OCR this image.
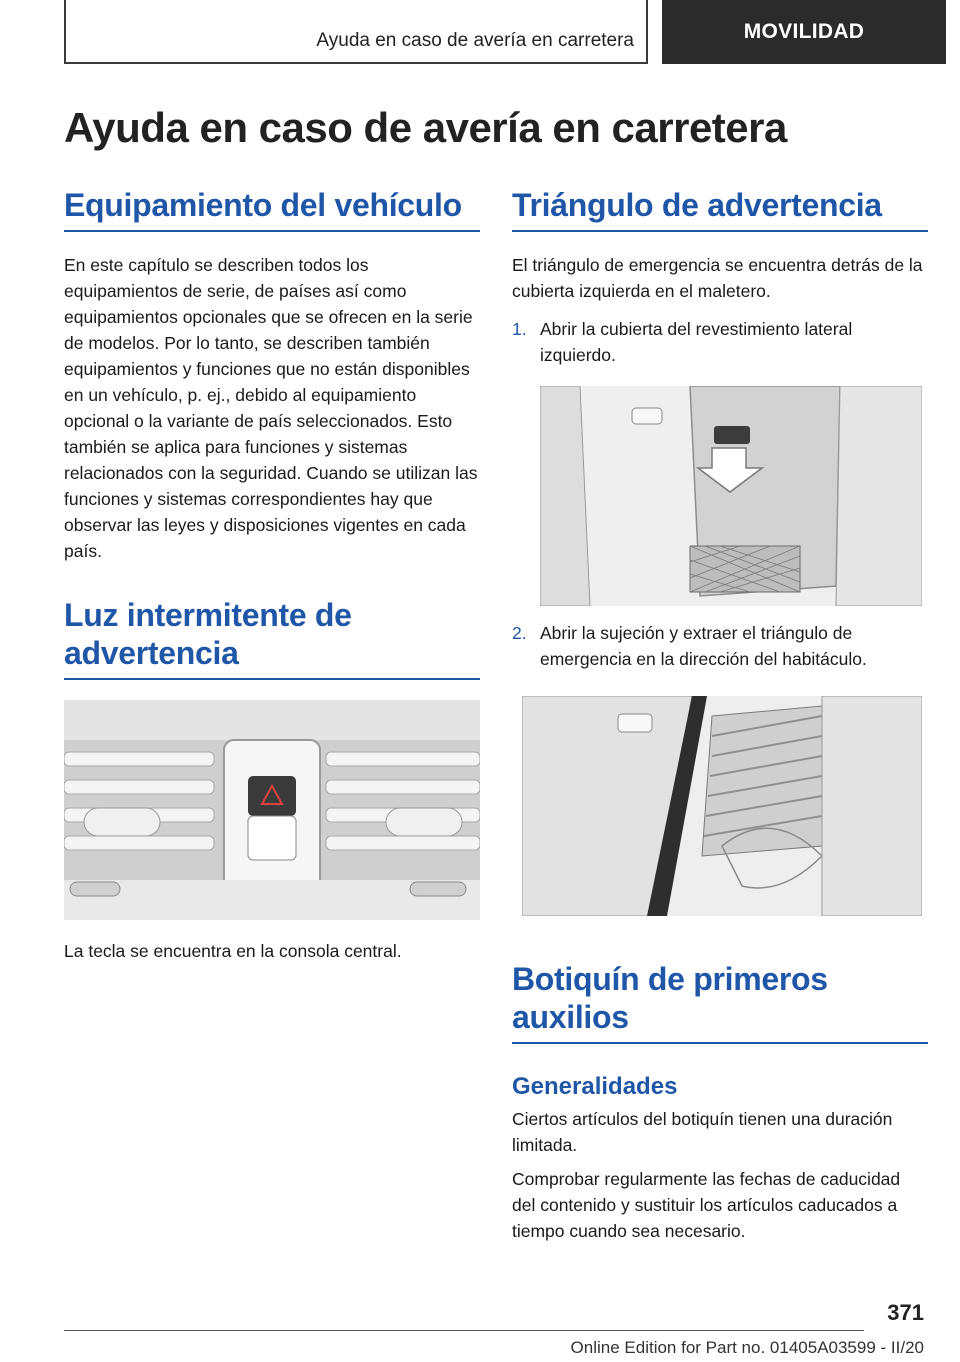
Ayuda en caso de avería en carretera	MOVILIDAD
Ayuda en caso de avería en carretera
Equipamiento del vehículo

En este capítulo se describen todos los equipamientos de serie, de países así como equipamientos opcionales que se ofrecen en la serie de modelos. Por lo tanto, se describen también equipamientos y funciones que no están disponibles en un vehículo, p. ej., debido al equipamiento opcional o la variante de país seleccionados. Esto también se aplica para funciones y sistemas relacionados con la seguridad. Cuando se utilizan las funciones y sistemas correspondientes hay que observar las leyes y disposiciones vigentes en cada país.

Luz intermitente de advertencia

La tecla se encuentra en la consola central.

Triángulo de advertencia

El triángulo de emergencia se encuentra detrás de la cubierta izquierda en el maletero.

1. Abrir la cubierta del revestimiento lateral izquierdo.
2. Abrir la sujeción y extraer el triángulo de emergencia en la dirección del habitáculo.
Botiquín de primeros auxilios
Generalidades

Ciertos artículos del botiquín tienen una duración limitada.

Comprobar regularmente las fechas de caducidad del contenido y sustituir los artículos caducados a tiempo cuando sea necesario.

371
Online Edition for Part no. 01405A03599 - II/20
